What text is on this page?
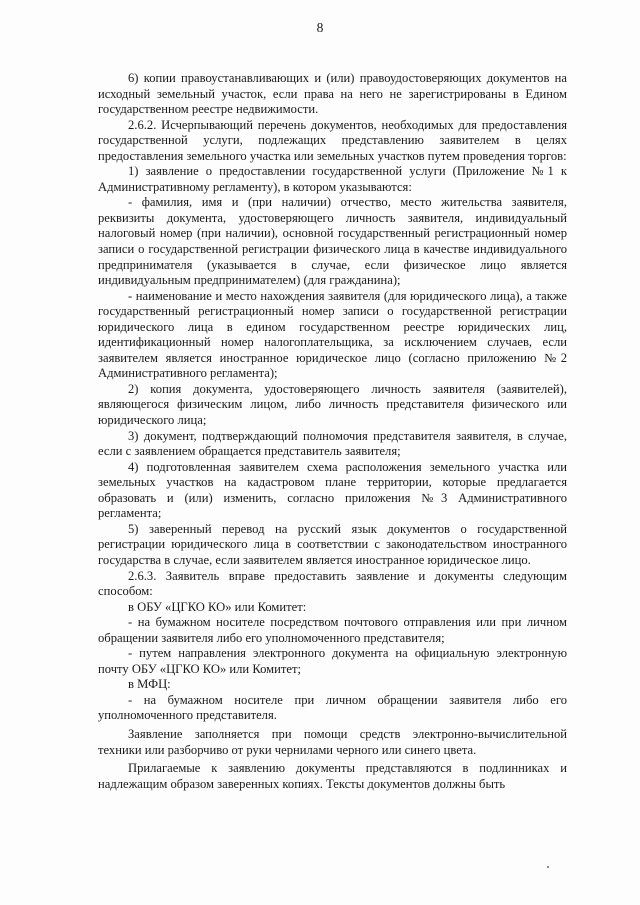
8

6) копии правоустанавливающих и (или) правоудостоверяющих документов на исходный земельный участок, если права на него не зарегистрированы в Едином государственном реестре недвижимости.

2.6.2. Исчерпывающий перечень документов, необходимых для предоставления государственной услуги, подлежащих представлению заявителем в целях предоставления земельного участка или земельных участков путем проведения торгов:

1) заявление о предоставлении государственной услуги (Приложение №1 к Административному регламенту), в котором указываются:

- фамилия, имя и (при наличии) отчество, место жительства заявителя, реквизиты документа, удостоверяющего личность заявителя, индивидуальный налоговый номер (при наличии), основной государственный регистрационный номер записи о государственной регистрации физического лица в качестве индивидуального предпринимателя (указывается в случае, если физическое лицо является индивидуальным предпринимателем) (для гражданина);

- наименование и место нахождения заявителя (для юридического лица), а также государственный регистрационный номер записи о государственной регистрации юридического лица в едином государственном реестре юридических лиц, идентификационный номер налогоплательщика, за исключением случаев, если заявителем является иностранное юридическое лицо (согласно приложению №2 Административного регламента);

2) копия документа, удостоверяющего личность заявителя (заявителей), являющегося физическим лицом, либо личность представителя физического или юридического лица;

3) документ, подтверждающий полномочия представителя заявителя, в случае, если с заявлением обращается представитель заявителя;

4) подготовленная заявителем схема расположения земельного участка или земельных участков на кадастровом плане территории, которые предлагается образовать и (или) изменить, согласно приложения №3 Административного регламента;

5) заверенный перевод на русский язык документов о государственной регистрации юридического лица в соответствии с законодательством иностранного государства в случае, если заявителем является иностранное юридическое лицо.

2.6.3. Заявитель вправе предоставить заявление и документы следующим способом:

в ОБУ «ЦГКО КО» или Комитет:

- на бумажном носителе посредством почтового отправления или при личном обращении заявителя либо его уполномоченного представителя;

- путем направления электронного документа на официальную электронную почту ОБУ «ЦГКО КО» или Комитет;

в МФЦ:

- на бумажном носителе при личном обращении заявителя либо его уполномоченного представителя.

Заявление заполняется при помощи средств электронно-вычислительной техники или разборчиво от руки чернилами черного или синего цвета.

Прилагаемые к заявлению документы представляются в подлинниках и надлежащим образом заверенных копиях. Тексты документов должны быть
